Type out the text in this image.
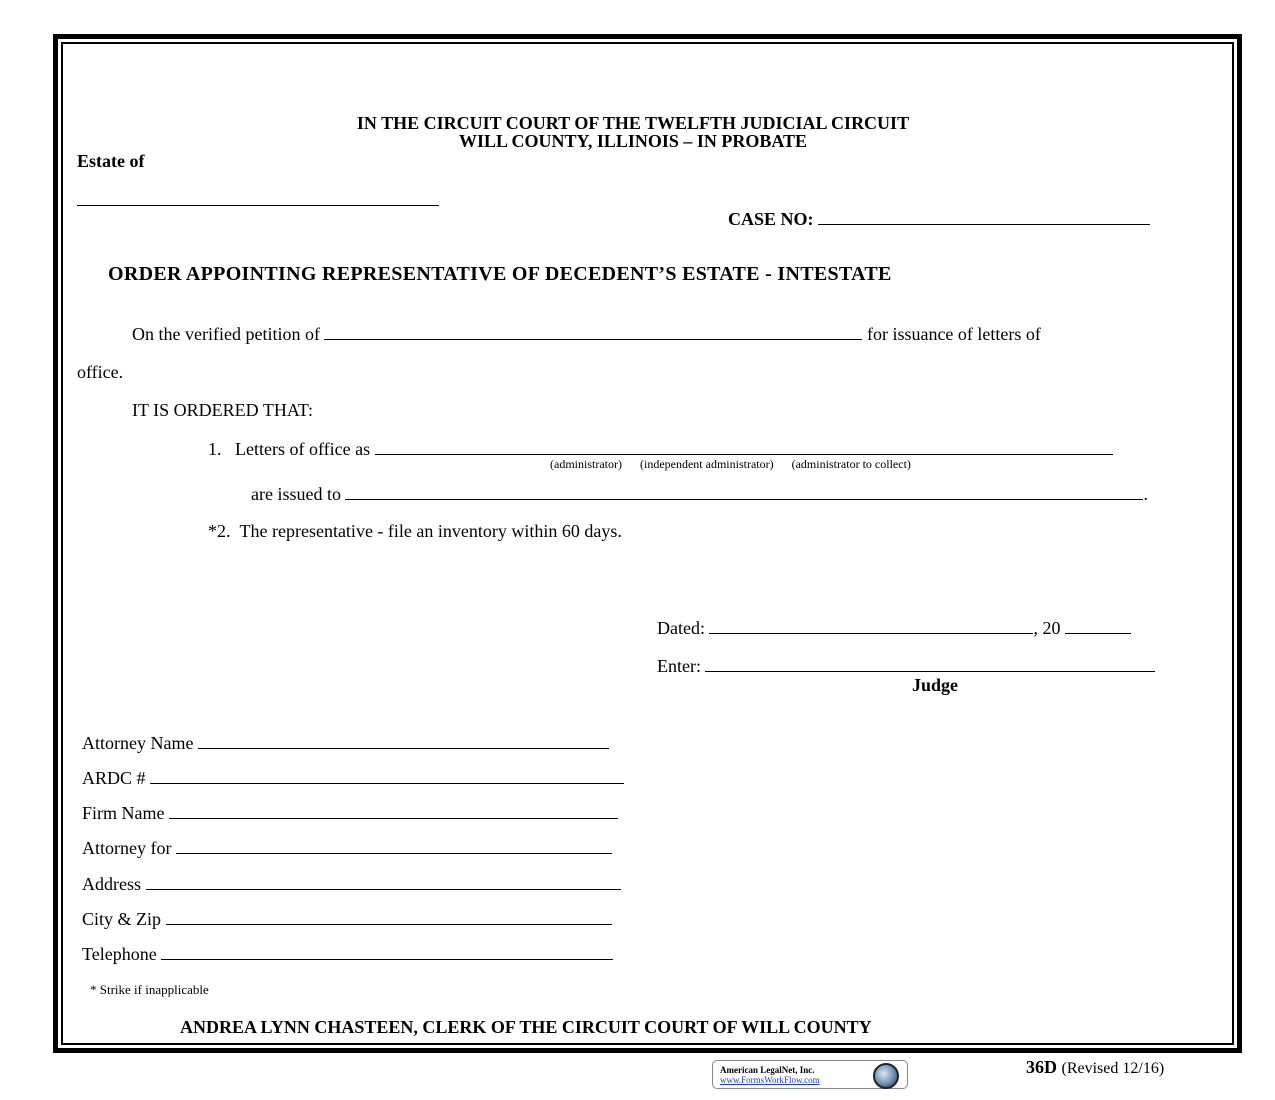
IN THE CIRCUIT COURT OF THE TWELFTH JUDICIAL CIRCUIT
WILL COUNTY, ILLINOIS – IN PROBATE
Estate of
CASE NO:
ORDER APPOINTING REPRESENTATIVE OF DECEDENT’S ESTATE - INTESTATE
On the verified petition of	for issuance of letters of
office.
IT IS ORDERED THAT:
1. Letters of office as
(administrator) (independent administrator) (administrator to collect)
are issued to	.
*2. The representative - file an inventory within 60 days.
Dated:	, 20
Enter:
Judge
Attorney Name
ARDC #
Firm Name
Attorney for
Address
City & Zip
Telephone
* Strike if inapplicable
ANDREA LYNN CHASTEEN, CLERK OF THE CIRCUIT COURT OF WILL COUNTY
American LegalNet, Inc.
www.FormsWorkFlow.com
36D (Revised 12/16)
